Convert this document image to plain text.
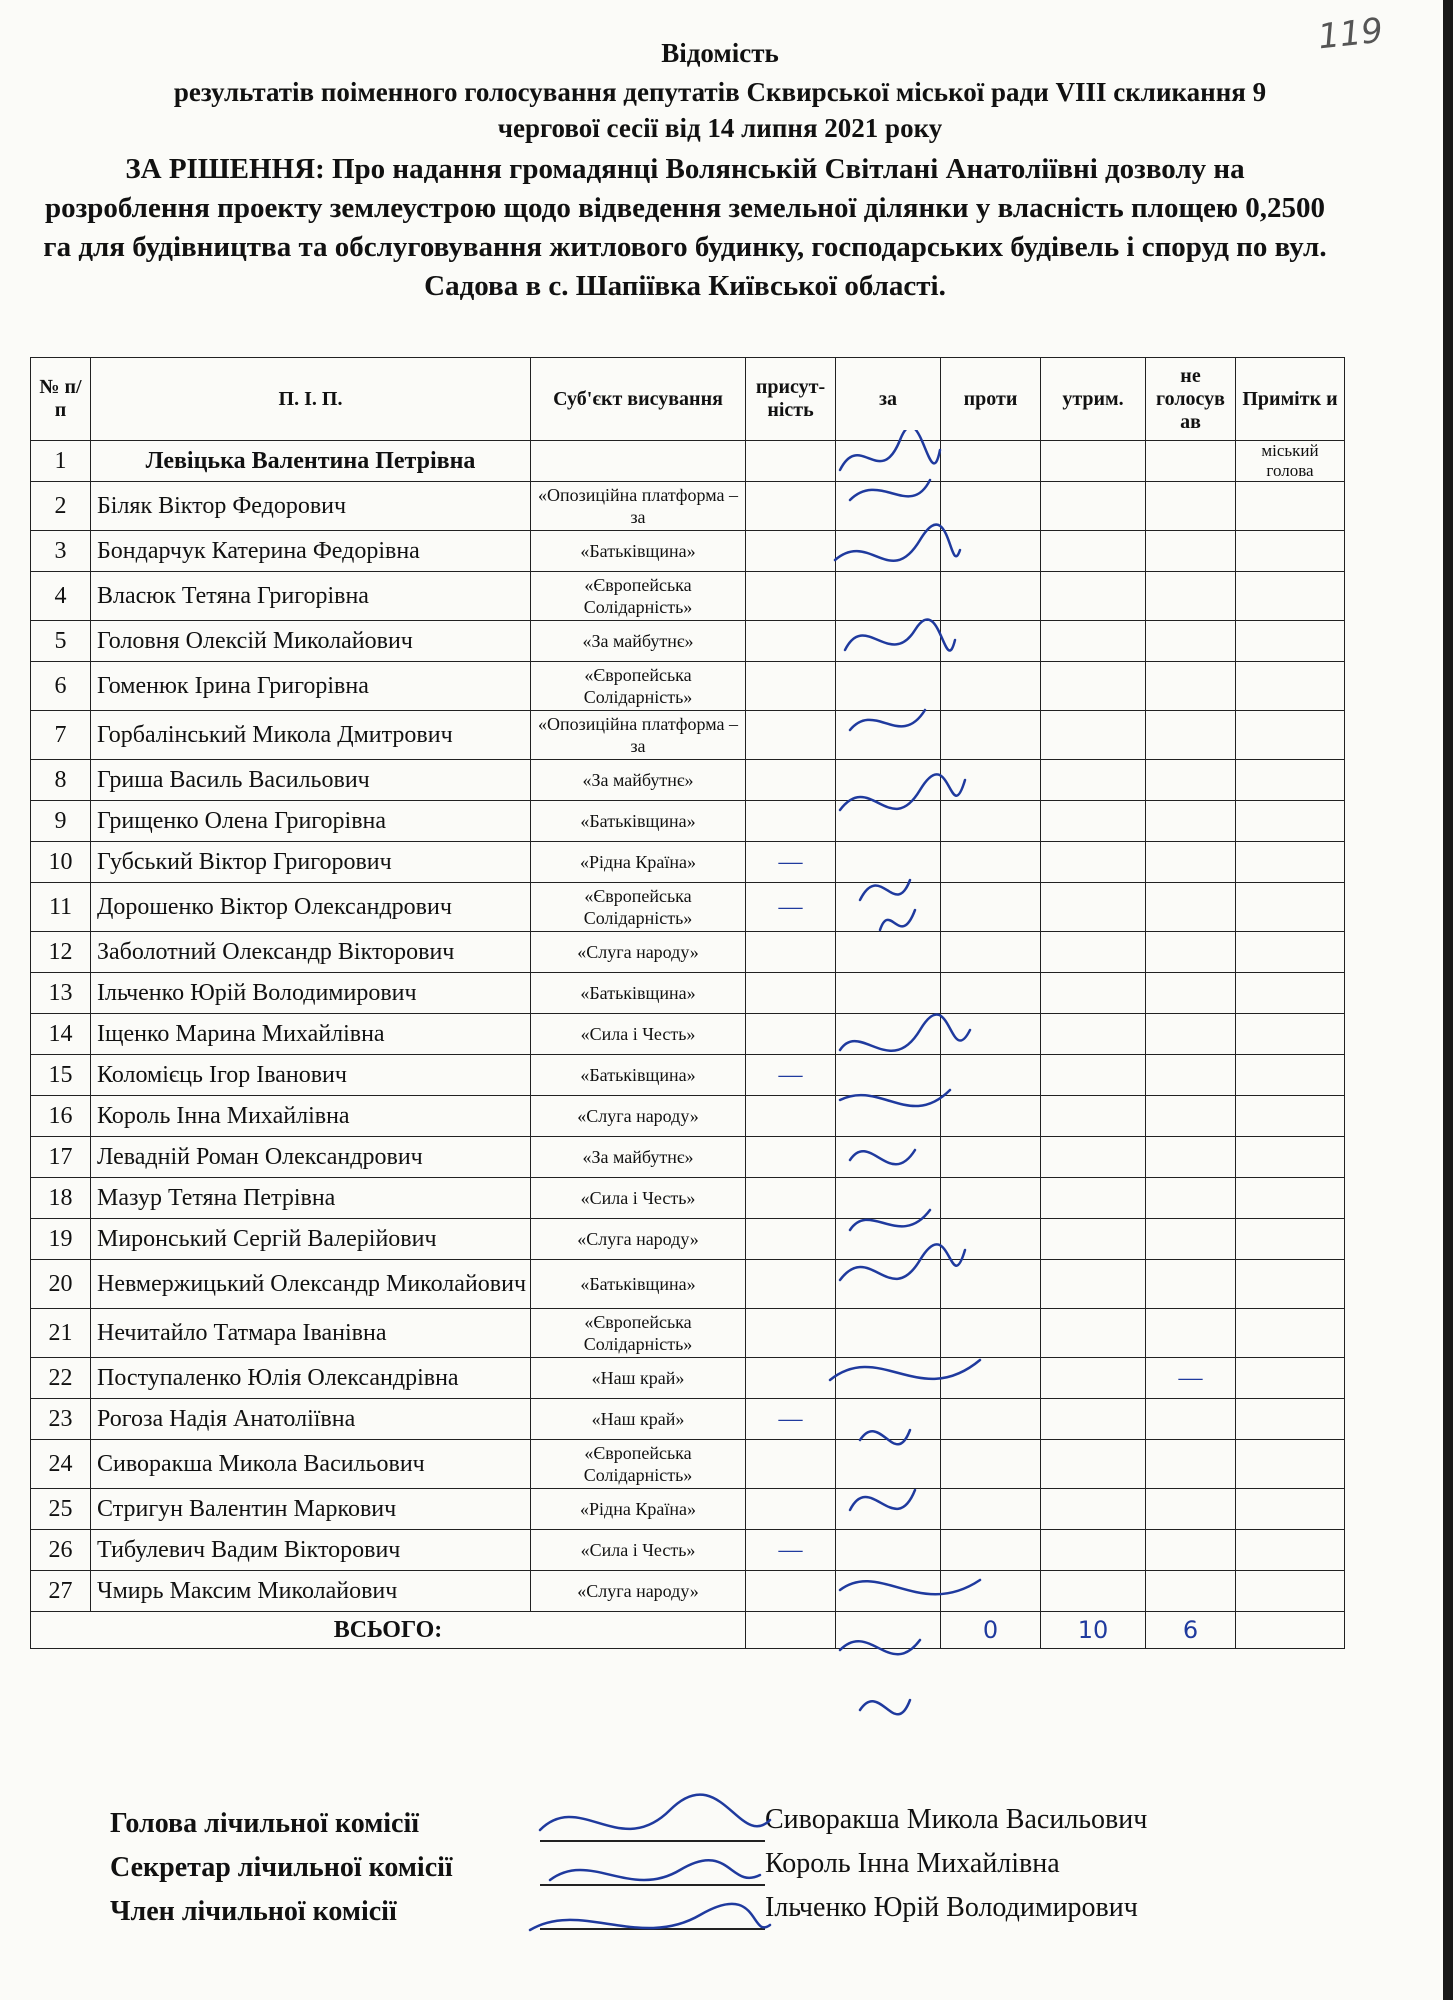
119
Відомість
результатів поіменного голосування депутатів Сквирської міської ради VIII скликання 9
чергової сесії від 14 липня 2021 року
ЗА РІШЕННЯ: Про надання громадянці Волянській Світлані Анатоліївні дозволу на розроблення проекту землеустрою щодо відведення земельної ділянки у власність площею 0,2500 га для будівництва та обслуговування житлового будинку, господарських будівель і споруд по вул. Садова в с. Шапіївка Київської області.
№ п/п	П. І. П.	Суб'єкт висування	присут-ність	за	проти	утрим.	не голосув ав	Примітк и
1	Левіцька Валентина Петрівна							міський голова
2	Біляк Віктор Федорович	«Опозиційна платформа – за						
3	Бондарчук Катерина Федорівна	«Батьківщина»						
4	Власюк Тетяна Григорівна	«Європейська Солідарність»						
5	Головня Олексій Миколайович	«За майбутнє»						
6	Гоменюк Ірина Григорівна	«Європейська Солідарність»						
7	Горбалінський Микола Дмитрович	«Опозиційна платформа – за						
8	Гриша Василь Васильович	«За майбутнє»						
9	Грищенко Олена Григорівна	«Батьківщина»						
10	Губський Віктор Григорович	«Рідна Країна»	—					
11	Дорошенко Віктор Олександрович	«Європейська Солідарність»	—					
12	Заболотний Олександр Вікторович	«Слуга народу»						
13	Ільченко Юрій Володимирович	«Батьківщина»						
14	Іщенко Марина Михайлівна	«Сила і Честь»						
15	Коломієць Ігор Іванович	«Батьківщина»	—					
16	Король Інна Михайлівна	«Слуга народу»						
17	Левадній Роман Олександрович	«За майбутнє»						
18	Мазур Тетяна Петрівна	«Сила і Честь»						
19	Миронський Сергій Валерійович	«Слуга народу»						
20	Невмержицький Олександр Миколайович	«Батьківщина»						
21	Нечитайло Татмара Іванівна	«Європейська Солідарність»						
22	Поступаленко Юлія Олександрівна	«Наш край»					—	
23	Рогоза Надія Анатоліївна	«Наш край»	—					
24	Сиворакша Микола Васильович	«Європейська Солідарність»						
25	Стригун Валентин Маркович	«Рідна Країна»						
26	Тибулевич Вадим Вікторович	«Сила і Честь»	—					
27	Чмирь Максим Миколайович	«Слуга народу»						
ВСЬОГО:					0	10	6	
Голова лічильної комісії	Сиворакша Микола Васильович
Секретар лічильної комісії	Король Інна Михайлівна
Член лічильної комісії	Ільченко Юрій Володимирович
